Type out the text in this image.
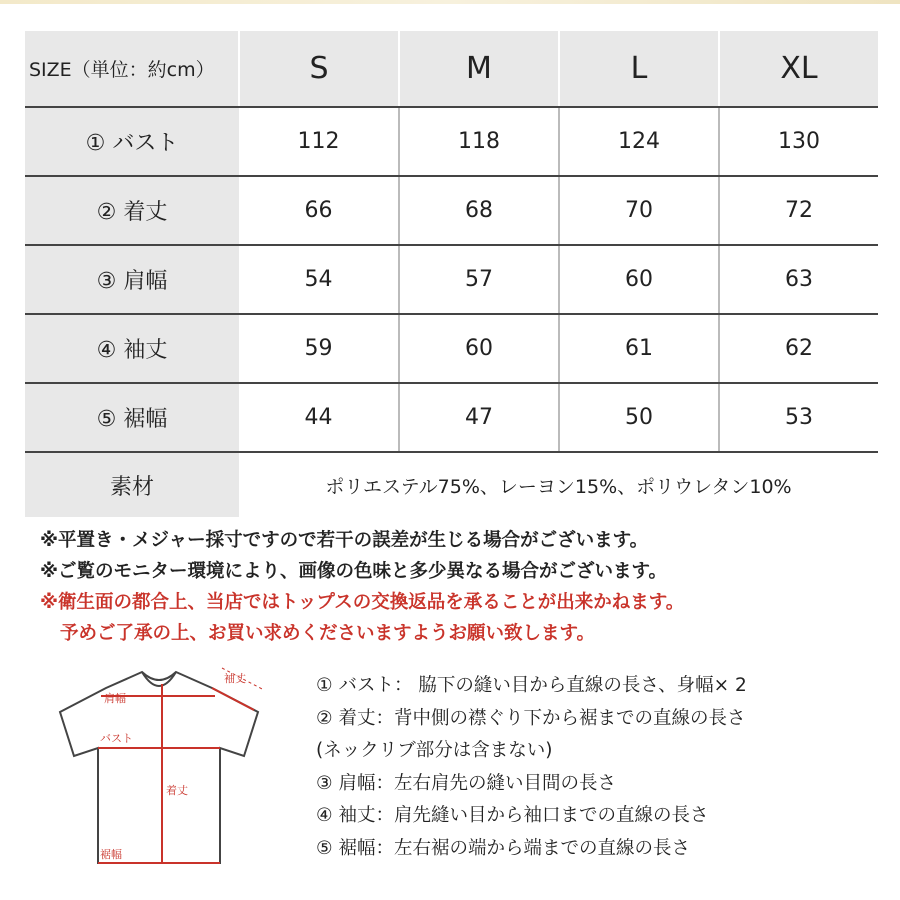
SIZE（単位：約cm）	S	M	L	XL
① バスト	112	118	124	130
② 着丈	66	68	70	72
③ 肩幅	54	57	60	63
④ 袖丈	59	60	61	62
⑤ 裾幅	44	47	50	53
素材	ポリエステル75%、レーヨン15%、ポリウレタン10%			
※平置き・メジャー採寸ですので若干の誤差が生じる場合がございます。
※ご覧のモニター環境により、画像の色味と多少異なる場合がございます。
※衛生面の都合上、当店ではトップスの交換返品を承ることが出来かねます。
予めご了承の上、お買い求めくださいますようお願い致します。
肩幅
袖丈
バスト
着丈
裾幅
① バスト： 脇下の縫い目から直線の長さ、身幅× 2
② 着丈：背中側の襟ぐり下から裾までの直線の長さ
(ネックリブ部分は含まない)
③ 肩幅：左右肩先の縫い目間の長さ
④ 袖丈：肩先縫い目から袖口までの直線の長さ
⑤ 裾幅：左右裾の端から端までの直線の長さ
